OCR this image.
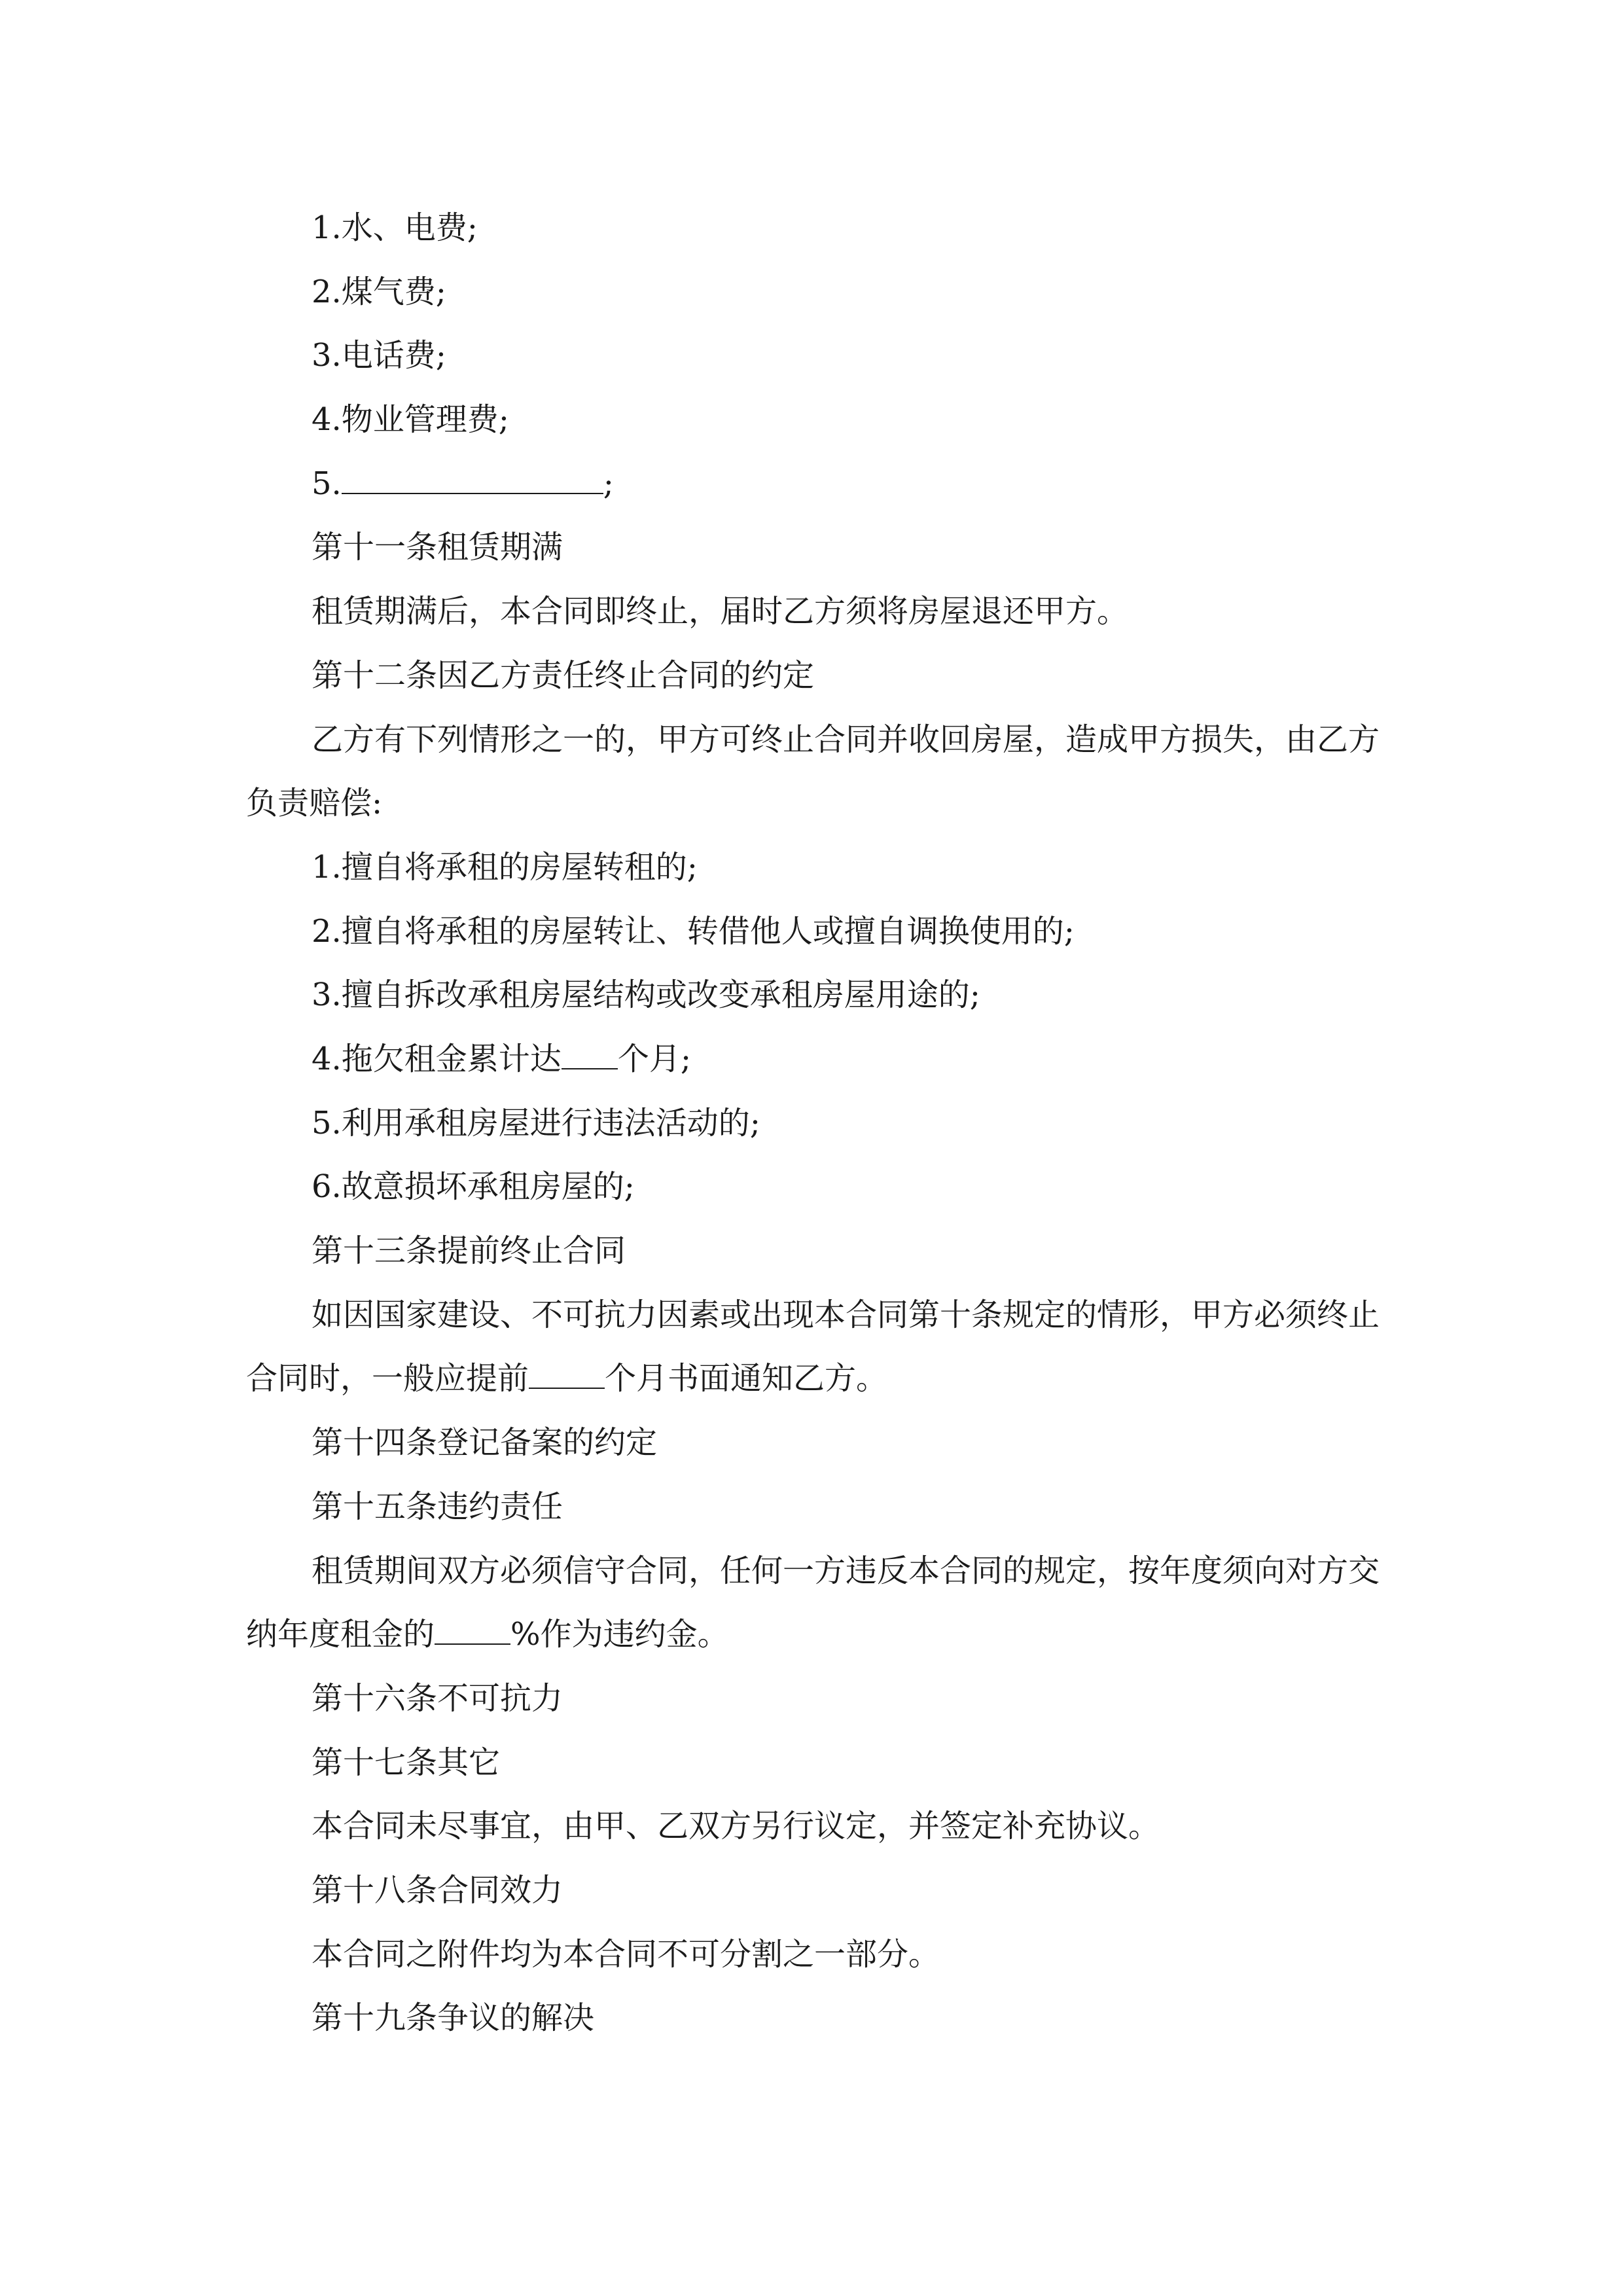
1.水、电费;

2.煤气费;

3.电话费;

4.物业管理费;

5.	;

第十一条租赁期满

租赁期满后，本合同即终止，届时乙方须将房屋退还甲方。

第十二条因乙方责任终止合同的约定

乙方有下列情形之一的，甲方可终止合同并收回房屋，造成甲方损失，由乙方负责赔偿:

1.擅自将承租的房屋转租的;

2.擅自将承租的房屋转让、转借他人或擅自调换使用的;

3.擅自拆改承租房屋结构或改变承租房屋用途的;

4.拖欠租金累计达 个月;

5.利用承租房屋进行违法活动的;

6.故意损坏承租房屋的;

第十三条提前终止合同

如因国家建设、不可抗力因素或出现本合同第十条规定的情形，甲方必须终止合同时，一般应提前 个月书面通知乙方。

第十四条登记备案的约定

第十五条违约责任

租赁期间双方必须信守合同，任何一方违反本合同的规定，按年度须向对方交纳年度租金的 %作为违约金。

第十六条不可抗力

第十七条其它

本合同未尽事宜，由甲、乙双方另行议定，并签定补充协议。

第十八条合同效力

本合同之附件均为本合同不可分割之一部分。

第十九条争议的解决
